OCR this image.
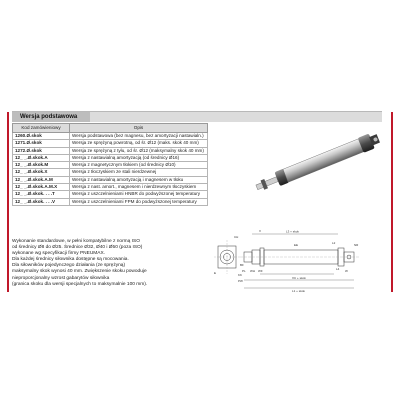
Wersja podstawowa
Kod zamówieniowy	Opis
1260.Ø.skok	Wersja podstawowa (bez magnesu, bez amortyzacji nastawialn.)
1271.Ø.skok	Wersja ze sprężyną powrotną, od śr. Ø12 (maks. skok 40 mm)
1272.Ø.skok	Wersja ze sprężyną z tyłu, od śr. Ø12 (maksymalny skok 40 mm)
12_ _.Ø.skok.A	Wersja z nastawialną amortyzacją (od średnicy Ø16)
12_ _.Ø.skok.M	Wersja z magnetycznym tłokiem (od średnicy Ø10)
12_ _.Ø.skok.X	Wersja z tłoczyskiem ze stali nierdzewnej
12_ _.Ø.skok.A.M	Wersja z nastawialną amortyzacją i magnesem w tłoku
12_ _.Ø.skok.A.M.X	Wersja z nast. amort., magnesem i nierdzewnym tłoczyskiem
12_ _.Ø.skok. . . .T	Wersja z uszczelnieniami HNBR do podwyższonej temperatury
12_ _.Ø.skok. . . .V	Wersja z uszczelnieniami FPM do podwyższonej temperatury
Wykonanie standardowe, w pełni kompatybilne z normą ISO
od średnicy Ø8 do Ø25. Średnice Ø32, Ø40 i Ø50 (poza ISO)
wykonane wg specyfikacji firmy PNEUMAX.
Dla każdej średnicy siłownika dostępne są mocowania.
Dla siłowników pojedynczego działania (ze sprężyną)
maksymalny skok wynosi 40 mm. Zwiększenie skoku powoduje
nieproporcjonalny wzrost gabarytów siłownika
(granica skoku dla wersji specjalnych to maksymalnie 100 mm).
CH
E	KK
PW
V	L3 + skok
EE	L2	NR
WH WF
PL
BF
W
L4
XC + skok
L1 + skok
